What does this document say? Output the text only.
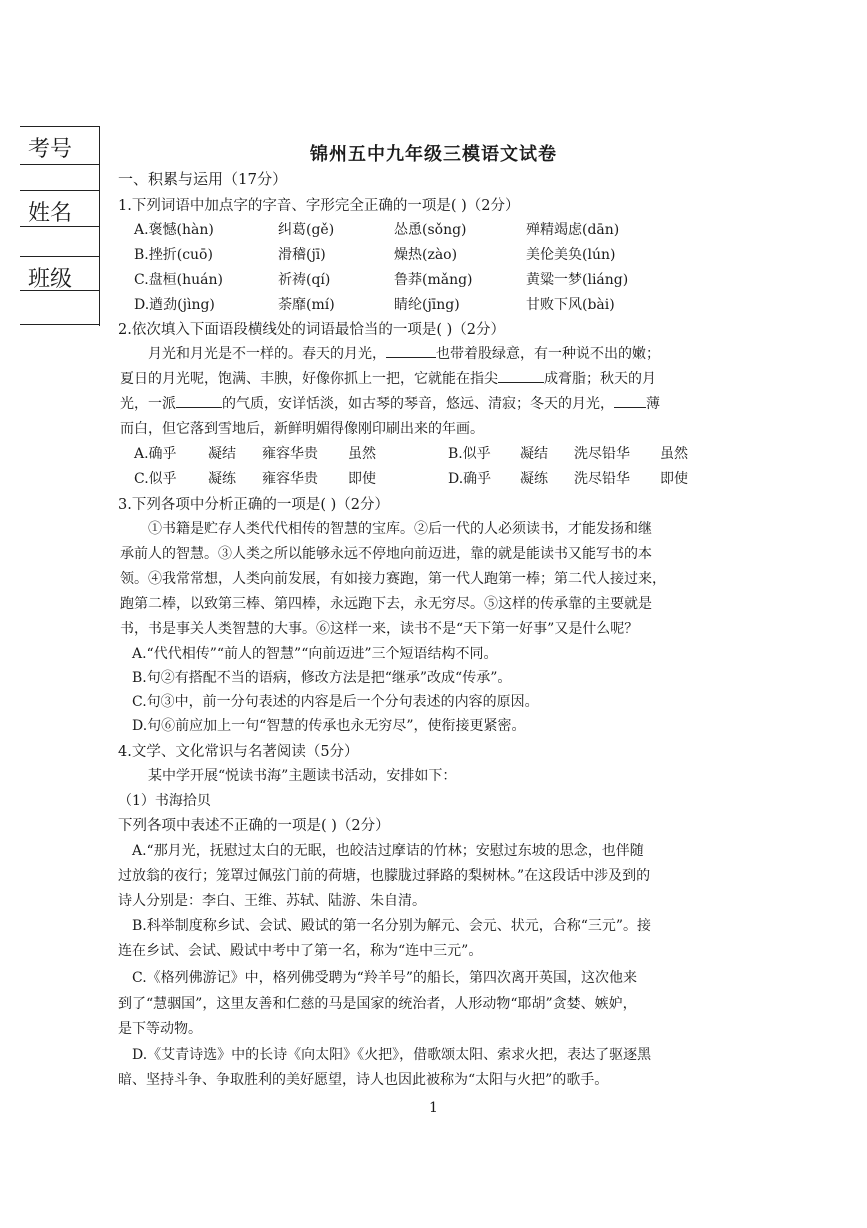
考号
姓名
班级
锦州五中九年级三模语文试卷
一、积累与运用（17分）
1.下列词语中加点字的字音、字形完全正确的一项是( )（2分）
A.褒憾(hàn)	纠葛(gě)	怂恿(sǒng)	殚精竭虑(dān)
B.挫折(cuō)	滑稽(jī)	燥热(zào)	美伦美奂(lún)
C.盘桓(huán)	祈祷(qí)	鲁莽(mǎng)	黄粱一梦(liáng)
D.遒劲(jìng)	荼靡(mí)	睛纶(jīng)	甘败下风(bài)
2.依次填入下面语段横线处的词语最恰当的一项是( )（2分）
月光和月光是不一样的。春天的月光，	也带着股绿意，有一种说不出的嫩；
夏日的月光呢，饱满、丰腴，好像你抓上一把，它就能在指尖	成膏脂；秋天的月
光，一派	的气质，安详恬淡，如古琴的琴音，悠远、清寂；冬天的月光， 薄
而白，但它落到雪地后，新鲜明媚得像刚印刷出来的年画。
A.确乎 凝结 雍容华贵 虽然	B.似乎 凝结 洗尽铅华 虽然
C.似乎 凝练 雍容华贵 即使	D.确乎 凝练 洗尽铅华 即使
3.下列各项中分析正确的一项是( )（2分）
①书籍是贮存人类代代相传的智慧的宝库。②后一代的人必须读书，才能发扬和继
承前人的智慧。③人类之所以能够永远不停地向前迈进，靠的就是能读书又能写书的本
领。④我常常想，人类向前发展，有如接力赛跑，第一代人跑第一棒；第二代人接过来，
跑第二棒，以致第三棒、第四棒，永远跑下去，永无穷尽。⑤这样的传承靠的主要就是
书，书是事关人类智慧的大事。⑥这样一来，读书不是“天下第一好事”又是什么呢？
A.“代代相传”“前人的智慧”“向前迈进”三个短语结构不同。
B.句②有搭配不当的语病，修改方法是把“继承”改成“传承”。
C.句③中，前一分句表述的内容是后一个分句表述的内容的原因。
D.句⑥前应加上一句“智慧的传承也永无穷尽”，使衔接更紧密。
4.文学、文化常识与名著阅读（5分）
某中学开展“悦读书海”主题读书活动，安排如下：
（1）书海拾贝
下列各项中表述不正确的一项是( )（2分）
A.“那月光，抚慰过太白的无眠，也皎洁过摩诘的竹林；安慰过东坡的思念，也伴随
过放翁的夜行；笼罩过佩弦门前的荷塘，也朦胧过驿路的梨树林。”在这段话中涉及到的
诗人分别是：李白、王维、苏轼、陆游、朱自清。
B.科举制度称乡试、会试、殿试的第一名分别为解元、会元、状元，合称“三元”。接
连在乡试、会试、殿试中考中了第一名，称为“连中三元”。
C.《格列佛游记》中，格列佛受聘为“羚羊号”的船长，第四次离开英国，这次他来
到了“慧骃国”，这里友善和仁慈的马是国家的统治者，人形动物“耶胡”贪婪、嫉妒，
是下等动物。
D.《艾青诗选》中的长诗《向太阳》《火把》，借歌颂太阳、索求火把，表达了驱逐黑
暗、坚持斗争、争取胜利的美好愿望，诗人也因此被称为“太阳与火把”的歌手。
1
